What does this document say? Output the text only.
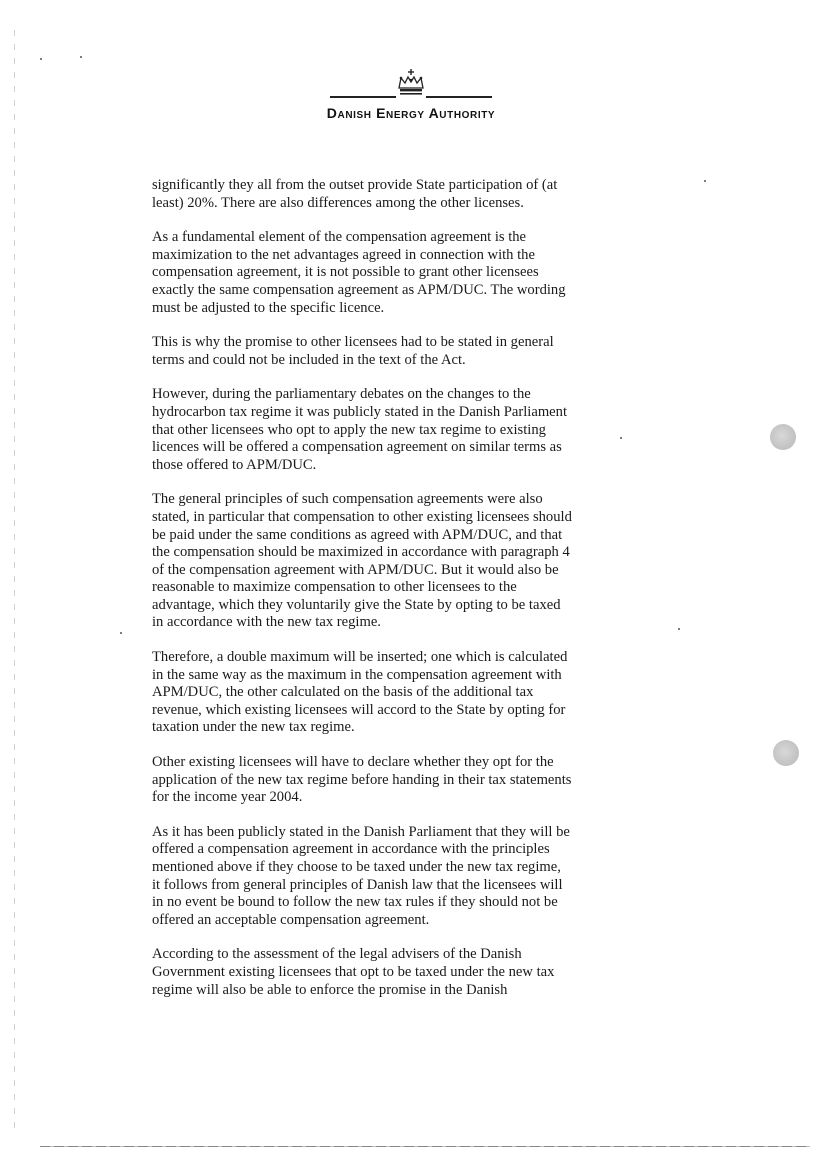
Danish Energy Authority

significantly they all from the outset provide State participation of (at least) 20%. There are also differences among the other licenses.

As a fundamental element of the compensation agreement is the maximization to the net advantages agreed in connection with the compensation agreement, it is not possible to grant other licensees exactly the same compensation agreement as APM/DUC. The wording must be adjusted to the specific licence.

This is why the promise to other licensees had to be stated in general terms and could not be included in the text of the Act.

However, during the parliamentary debates on the changes to the hydrocarbon tax regime it was publicly stated in the Danish Parliament that other licensees who opt to apply the new tax regime to existing licences will be offered a compensation agreement on similar terms as those offered to APM/DUC.

The general principles of such compensation agreements were also stated, in particular that compensation to other existing licensees should be paid under the same conditions as agreed with APM/DUC, and that the compensation should be maximized in accordance with paragraph 4 of the compensation agreement with APM/DUC. But it would also be reasonable to maximize compensation to other licensees to the advantage, which they voluntarily give the State by opting to be taxed in accordance with the new tax regime.

Therefore, a double maximum will be inserted; one which is calculated in the same way as the maximum in the compensation agreement with APM/DUC, the other calculated on the basis of the additional tax revenue, which existing licensees will accord to the State by opting for taxation under the new tax regime.

Other existing licensees will have to declare whether they opt for the application of the new tax regime before handing in their tax statements for the income year 2004.

As it has been publicly stated in the Danish Parliament that they will be offered a compensation agreement in accordance with the principles mentioned above if they choose to be taxed under the new tax regime, it follows from general principles of Danish law that the licensees will in no event be bound to follow the new tax rules if they should not be offered an acceptable compensation agreement.

According to the assessment of the legal advisers of the Danish Government existing licensees that opt to be taxed under the new tax regime will also be able to enforce the promise in the Danish
